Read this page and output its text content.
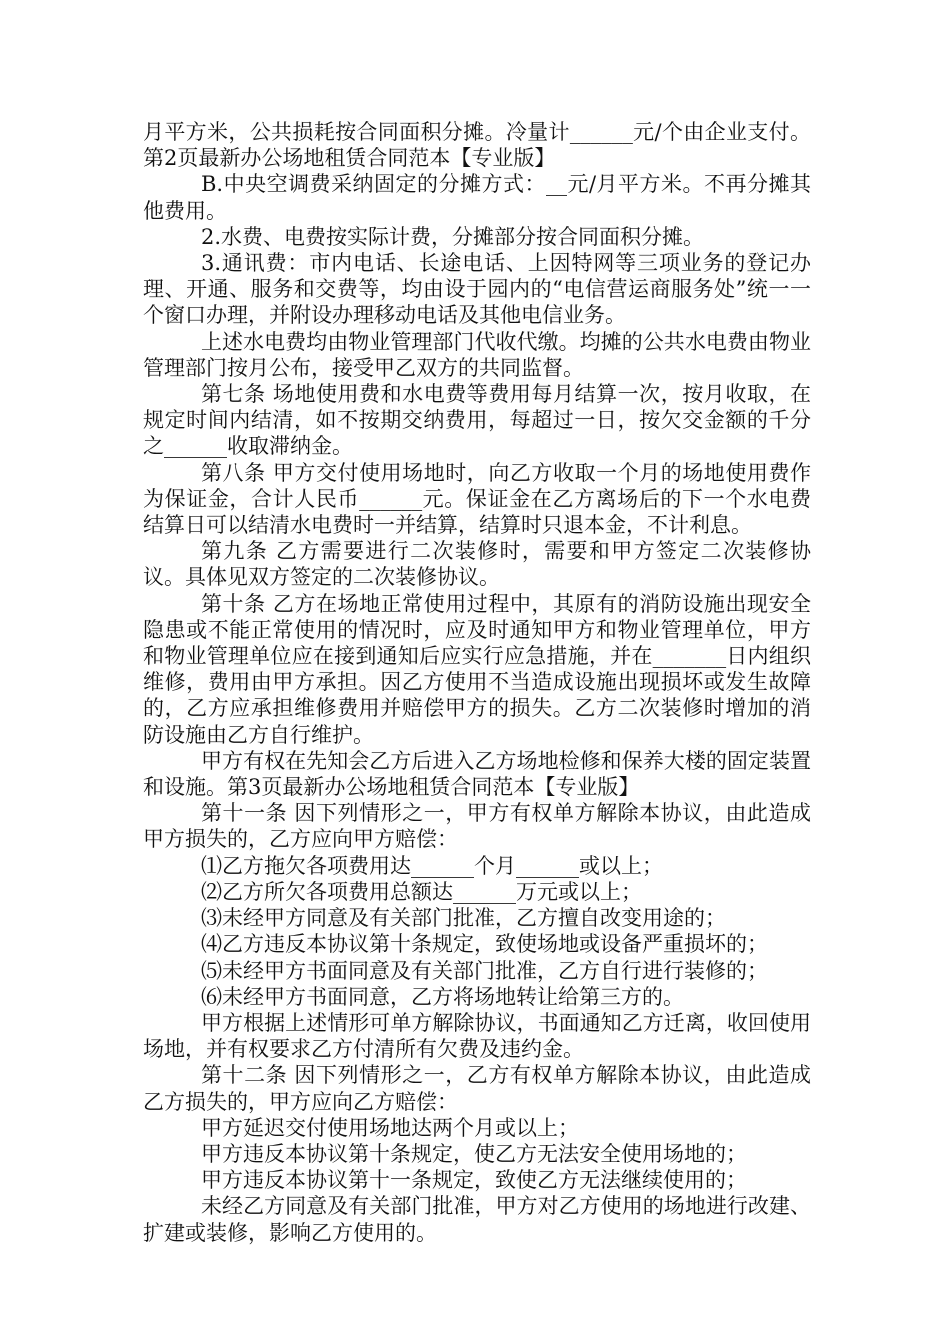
月平方米，公共损耗按合同面积分摊。冷量计______元/个由企业支付。第2页最新办公场地租赁合同范本【专业版】

B.中央空调费采纳固定的分摊方式：__元/月平方米。不再分摊其他费用。

2.水费、电费按实际计费，分摊部分按合同面积分摊。

3.通讯费：市内电话、长途电话、上因特网等三项业务的登记办理、开通、服务和交费等，均由设于园内的“电信营运商服务处”统一一个窗口办理，并附设办理移动电话及其他电信业务。

上述水电费均由物业管理部门代收代缴。均摊的公共水电费由物业管理部门按月公布，接受甲乙双方的共同监督。

第七条 场地使用费和水电费等费用每月结算一次，按月收取，在规定时间内结清，如不按期交纳费用，每超过一日，按欠交金额的千分之______收取滞纳金。

第八条 甲方交付使用场地时，向乙方收取一个月的场地使用费作为保证金，合计人民币______元。保证金在乙方离场后的下一个水电费结算日可以结清水电费时一并结算，结算时只退本金，不计利息。

第九条 乙方需要进行二次装修时，需要和甲方签定二次装修协议。具体见双方签定的二次装修协议。

第十条 乙方在场地正常使用过程中，其原有的消防设施出现安全隐患或不能正常使用的情况时，应及时通知甲方和物业管理单位，甲方和物业管理单位应在接到通知后应实行应急措施，并在_______日内组织维修，费用由甲方承担。因乙方使用不当造成设施出现损坏或发生故障的，乙方应承担维修费用并赔偿甲方的损失。乙方二次装修时增加的消防设施由乙方自行维护。

甲方有权在先知会乙方后进入乙方场地检修和保养大楼的固定装置和设施。第3页最新办公场地租赁合同范本【专业版】

第十一条 因下列情形之一，甲方有权单方解除本协议，由此造成甲方损失的，乙方应向甲方赔偿：

⑴乙方拖欠各项费用达______个月______或以上；

⑵乙方所欠各项费用总额达______万元或以上；

⑶未经甲方同意及有关部门批准，乙方擅自改变用途的；

⑷乙方违反本协议第十条规定，致使场地或设备严重损坏的；

⑸未经甲方书面同意及有关部门批准，乙方自行进行装修的；

⑹未经甲方书面同意，乙方将场地转让给第三方的。

甲方根据上述情形可单方解除协议，书面通知乙方迁离，收回使用场地，并有权要求乙方付清所有欠费及违约金。

第十二条 因下列情形之一，乙方有权单方解除本协议，由此造成乙方损失的，甲方应向乙方赔偿：

甲方延迟交付使用场地达两个月或以上；

甲方违反本协议第十条规定，使乙方无法安全使用场地的；

甲方违反本协议第十一条规定，致使乙方无法继续使用的；

未经乙方同意及有关部门批准，甲方对乙方使用的场地进行改建、扩建或装修，影响乙方使用的。
